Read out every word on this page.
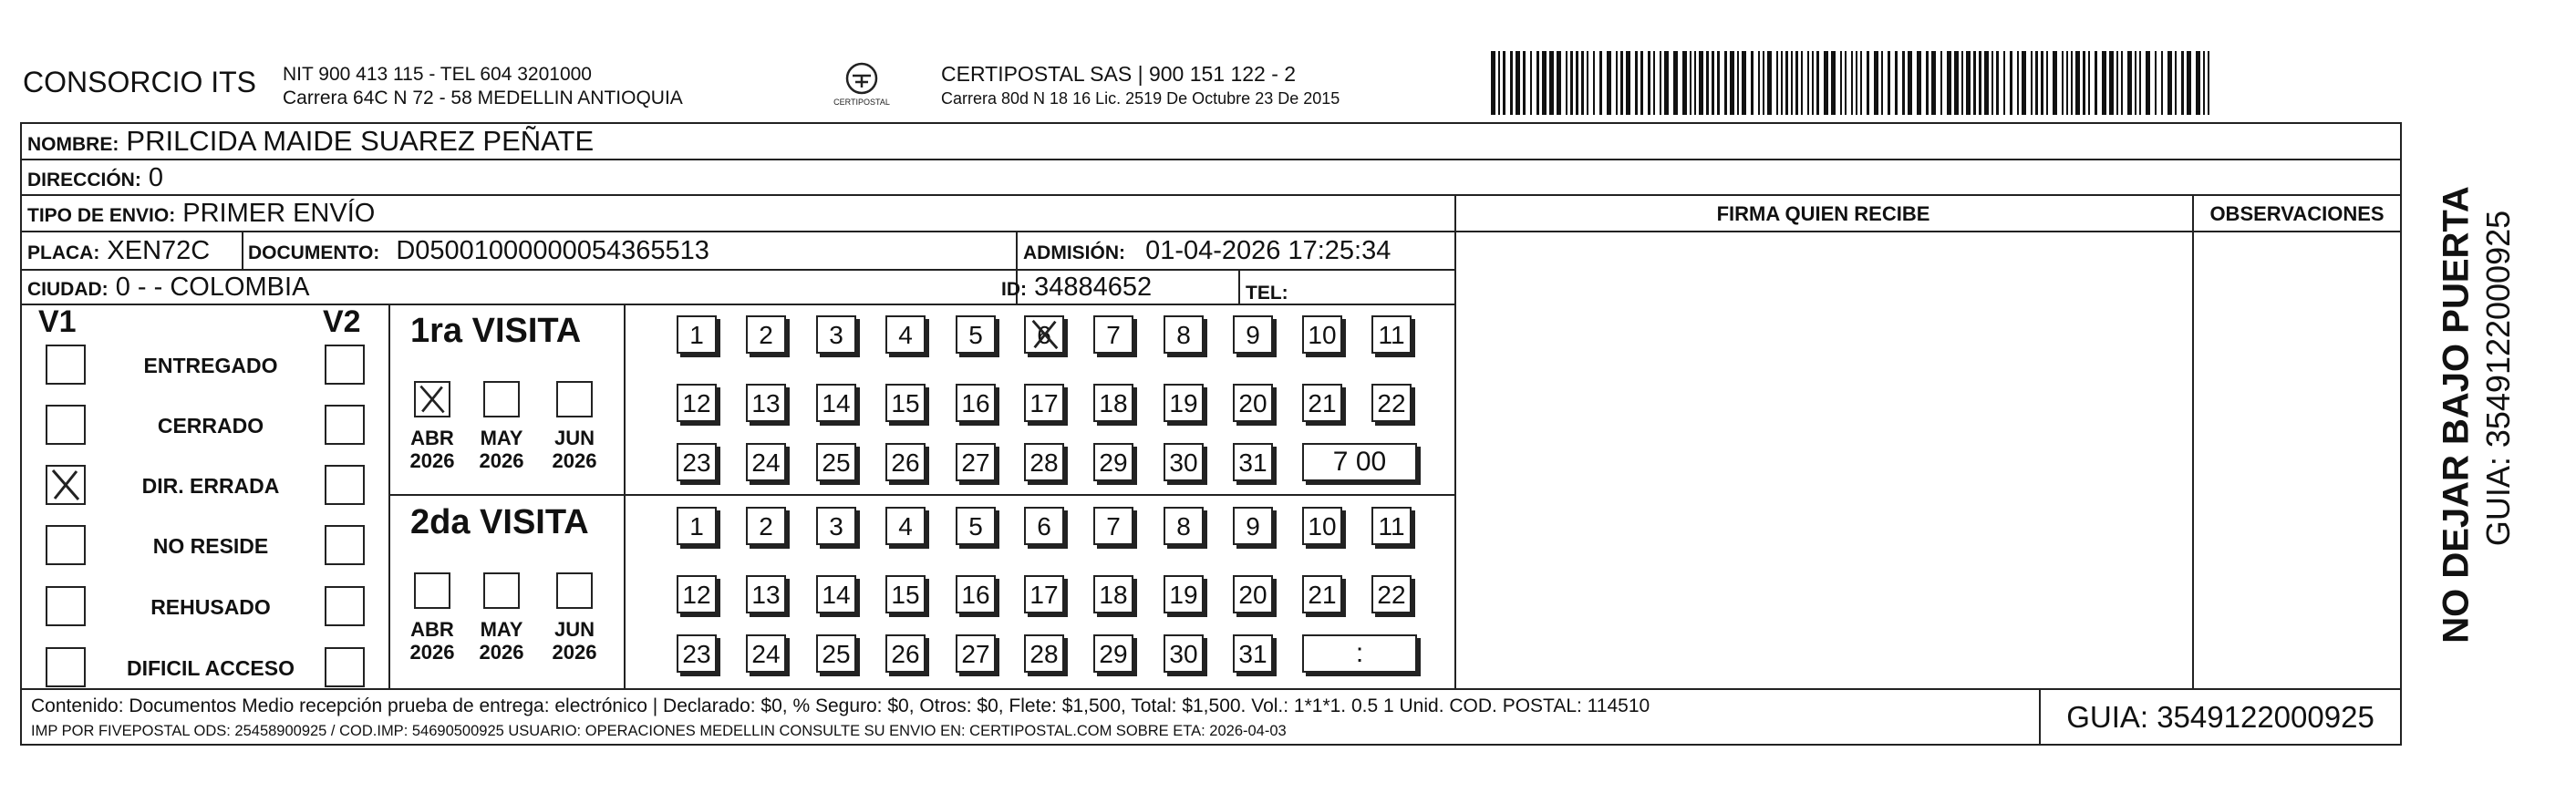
CONSORCIO ITS NIT 900 413 115 - TEL 604 3201000
Carrera 64C N 72 - 58 MEDELLIN ANTIOQUIA	CERTIPOSTAL
CERTIPOSTAL SAS | 900 151 122 - 2
Carrera 80d N 18 16 Lic. 2519 De Octubre 23 De 2015
NOMBRE: PRILCIDA MAIDE SUAREZ PEÑATE
DIRECCIÓN: 0
TIPO DE ENVIO: PRIMER ENVÍO	FIRMA QUIEN RECIBE	OBSERVACIONES
PLACA: XEN72C DOCUMENTO: D05001000000054365513	ADMISIÓN: 01-04-2026 17:25:34
CIUDAD: 0 - - COLOMBIA	ID: 34884652	TEL:
V1	V2
ENTREGADO
CERRADO
DIR. ERRADA
NO RESIDE
REHUSADO
DIFICIL ACCESO
1ra VISITA
ABR
2026
MAY
2026
JUN
2026
1	2	3	4	5	6	7	8	9	10 11
12 13 14 15 16 17 18 19 20 21 22
23 24 25 26 27 28 29 30 31	7 00
2da VISITA
ABR
2026
MAY
2026
JUN
2026
1	2	3	4	5	6	7	8	9	10 11
12 13 14 15 16 17 18 19 20 21 22
23 24 25 26 27 28 29 30 31	:
Contenido: Documentos Medio recepción prueba de entrega: electrónico | Declarado: $0, % Seguro: $0, Otros: $0, Flete: $1,500, Total: $1,500. Vol.: 1*1*1. 0.5 1 Unid. COD. POSTAL: 114510
IMP POR FIVEPOSTAL ODS: 25458900925 / COD.IMP: 54690500925 USUARIO: OPERACIONES MEDELLIN CONSULTE SU ENVIO EN: CERTIPOSTAL.COM SOBRE ETA: 2026-04-03	GUIA: 3549122000925
NO DEJAR BAJO PUERTA GUIA: 3549122000925
